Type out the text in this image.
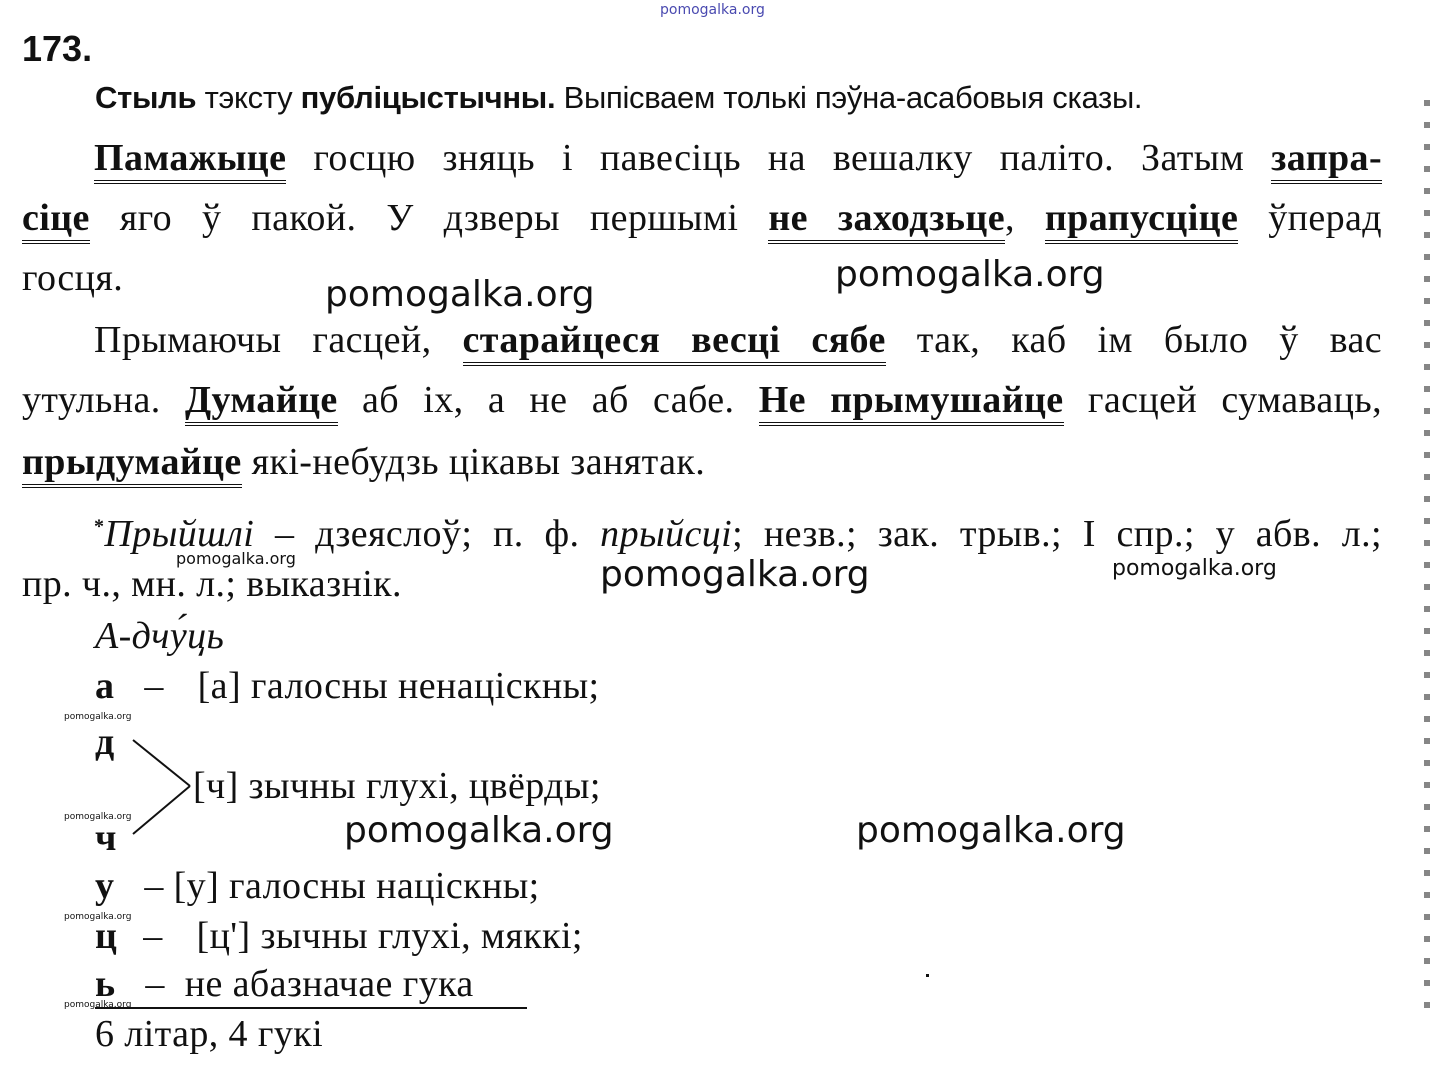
pomogalka.org
173.
Стыль тэксту публіцыстычны. Выпісваем толькі пэўна-асабовыя сказы.
Памажыце госцю зняць і павесіць на вешалку паліто. Затым запра-
сіце яго ў пакой. У дзверы першымі не заходзьце, прапусціце ўперад
госця.
Прымаючы гасцей, старайцеся весці сябе так, каб ім было ў вас
утульна. Думайце аб іх, а не аб сабе. Не прымушайце гасцей сумаваць,
прыдумайце які-небудзь цікавы занятак.
*Прыйшлі – дзеяслоў; п. ф. прыйсці; незв.; зак. трыв.; I спр.; у абв. л.;
пр. ч., мн. л.; выказнік.
А-дчу́ць
а – [а] галосны ненаціскны;
д
[ч] зычны глухі, цвёрды;
ч
у – [у] галосны націскны;
ц – [ц'] зычны глухі, мяккі;
ь – не абазначае гука
6 літар, 4 гукі
pomogalka.org	pomogalka.org
pomogalka.org
pomogalka.org	pomogalka.org
pomogalka.org	pomogalka.org
pomogalka.org
pomogalka.org
pomogalka.org
pomogalka.org
